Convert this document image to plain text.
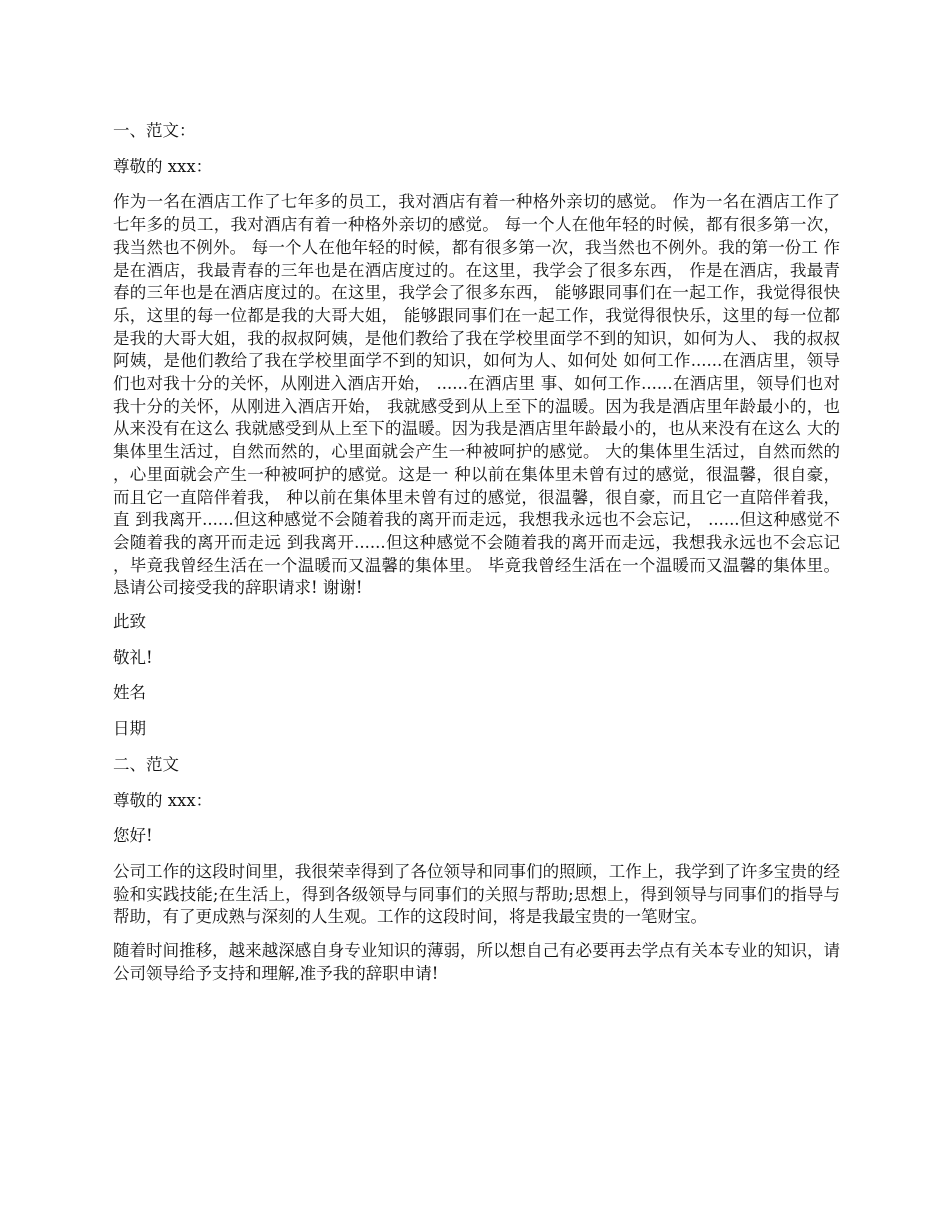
一、范文：

尊敬的 xxx：

作为一名在酒店工作了七年多的员工，我对酒店有着一种格外亲切的感觉。 作为一名在酒店工作了七年多的员工，我对酒店有着一种格外亲切的感觉。 每一个人在他年轻的时候，都有很多第一次，我当然也不例外。 每一个人在他年轻的时候，都有很多第一次，我当然也不例外。我的第一份工 作是在酒店，我最青春的三年也是在酒店度过的。在这里，我学会了很多东西， 作是在酒店，我最青春的三年也是在酒店度过的。在这里，我学会了很多东西， 能够跟同事们在一起工作，我觉得很快乐，这里的每一位都是我的大哥大姐， 能够跟同事们在一起工作，我觉得很快乐，这里的每一位都是我的大哥大姐，我的叔叔阿姨，是他们教给了我在学校里面学不到的知识，如何为人、 我的叔叔阿姨，是他们教给了我在学校里面学不到的知识，如何为人、如何处 如何工作......在酒店里，领导们也对我十分的关怀，从刚进入酒店开始， ......在酒店里 事、如何工作......在酒店里，领导们也对我十分的关怀，从刚进入酒店开始， 我就感受到从上至下的温暖。因为我是酒店里年龄最小的，也从来没有在这么 我就感受到从上至下的温暖。因为我是酒店里年龄最小的，也从来没有在这么 大的集体里生活过，自然而然的，心里面就会产生一种被呵护的感觉。 大的集体里生活过，自然而然的，心里面就会产生一种被呵护的感觉。这是一 种以前在集体里未曾有过的感觉，很温馨，很自豪，而且它一直陪伴着我， 种以前在集体里未曾有过的感觉，很温馨，很自豪，而且它一直陪伴着我， 直 到我离开......但这种感觉不会随着我的离开而走远，我想我永远也不会忘记， ......但这种感觉不会随着我的离开而走远 到我离开......但这种感觉不会随着我的离开而走远，我想我永远也不会忘记，毕竟我曾经生活在一个温暖而又温馨的集体里。 毕竟我曾经生活在一个温暖而又温馨的集体里。 恳请公司接受我的辞职请求! 谢谢!

此致

敬礼!

姓名

日期

二、范文

尊敬的 xxx：

您好!

公司工作的这段时间里，我很荣幸得到了各位领导和同事们的照顾，工作上，我学到了许多宝贵的经验和实践技能;在生活上，得到各级领导与同事们的关照与帮助;思想上，得到领导与同事们的指导与帮助，有了更成熟与深刻的人生观。工作的这段时间，将是我最宝贵的一笔财宝。

随着时间推移，越来越深感自身专业知识的薄弱，所以想自己有必要再去学点有关本专业的知识，请公司领导给予支持和理解,准予我的辞职申请!
